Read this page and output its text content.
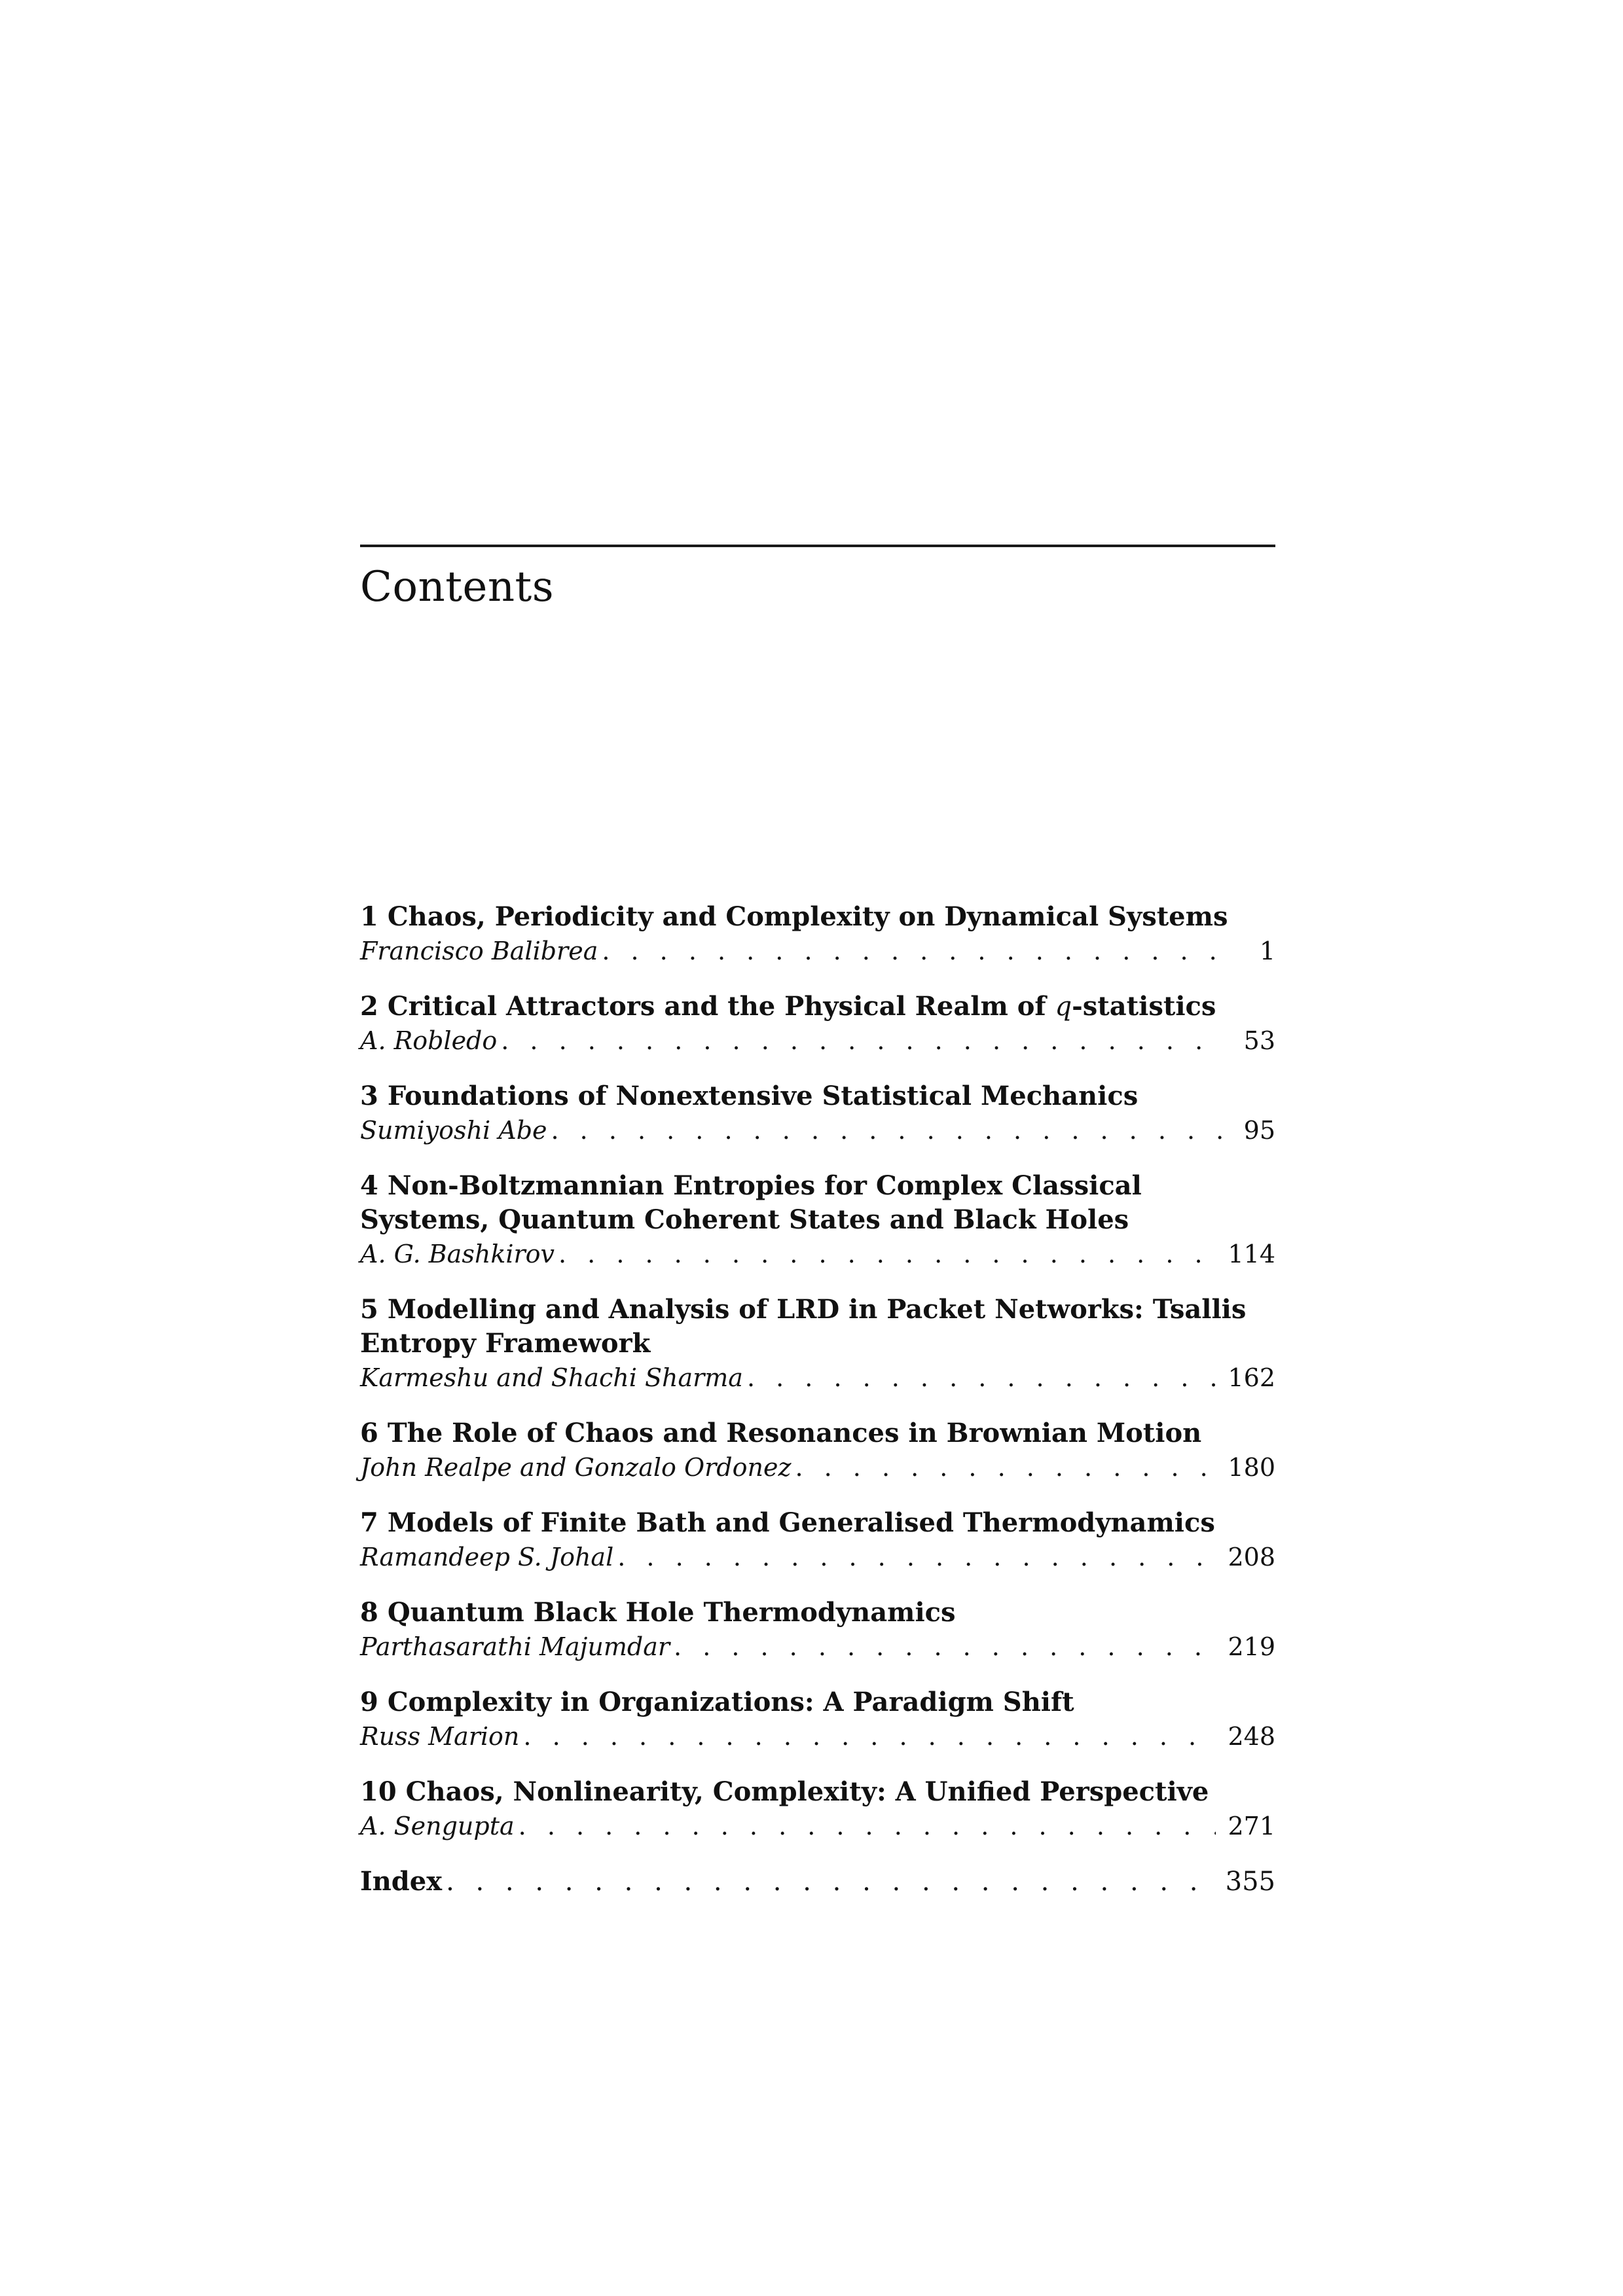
Contents
1 Chaos, Periodicity and Complexity on Dynamical Systems
Francisco Balibrea . . .	1
2 Critical Attractors and the Physical Realm of q-statistics
A. Robledo . . .	53
3 Foundations of Nonextensive Statistical Mechanics
Sumiyoshi Abe . . .	95
4 Non-Boltzmannian Entropies for Complex Classical
Systems, Quantum Coherent States and Black Holes
A. G. Bashkirov . . .	114
5 Modelling and Analysis of LRD in Packet Networks: Tsallis
Entropy Framework
Karmeshu and Shachi Sharma . . .	162
6 The Role of Chaos and Resonances in Brownian Motion
John Realpe and Gonzalo Ordonez . . .	180
7 Models of Finite Bath and Generalised Thermodynamics
Ramandeep S. Johal . . .	208
8 Quantum Black Hole Thermodynamics
Parthasarathi Majumdar . . .	219
9 Complexity in Organizations: A Paradigm Shift
Russ Marion . . .	248
10 Chaos, Nonlinearity, Complexity: A Unified Perspective
A. Sengupta . . .	271
Index . . .	355
